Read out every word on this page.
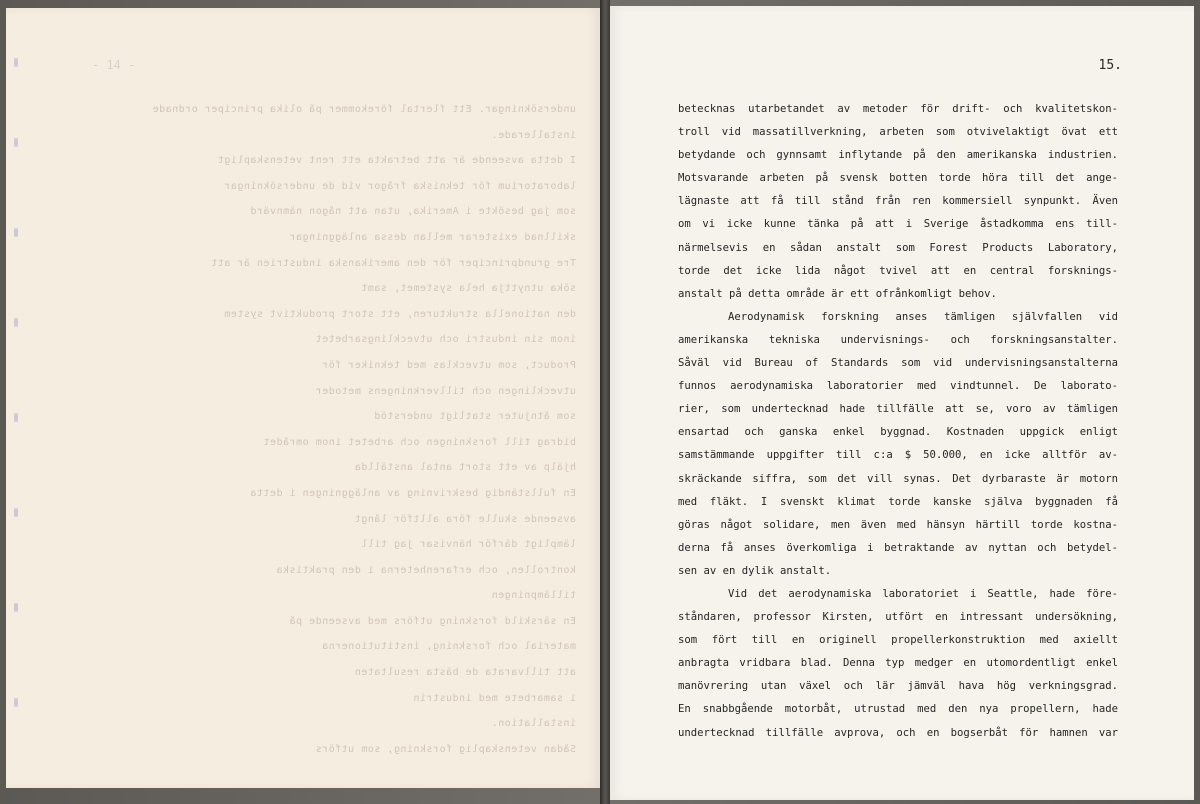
- 14 -
undersökningar. Ett flertal förekommer på olika principer ordnade
installerade.
I detta avseende är att betrakta ett rent vetenskapligt
laboratorium för tekniska frågor vid de undersökningar
som jag besökte i Amerika, utan att någon nämnvärd
skillnad existerar mellan dessa anläggningar
Tre grundprinciper för den amerikanska industrien är att
söka utnyttja hela systemet, samt
den nationella strukturen, ett stort produktivt system
inom sin industri och utvecklingsarbetet
Product, som utvecklas med tekniker för
utvecklingen och tillverkningens metoder
som åtnjuter statligt understöd
bidrag till forskningen och arbetet inom området
hjälp av ett stort antal anställda
En fullständig beskrivning av anläggningen i detta
avseende skulle föra alltför långt
lämpligt därför hänvisar jag till
kontrollen, och erfarenheterna i den praktiska
tillämpningen
En särskild forskning utförs med avseende på
material och forskning, institutionerna
att tillvarata de bästa resultaten
i samarbete med industrin
installation.
Sådan vetenskaplig forskning, som utförs
15.
betecknas utarbetandet av metoder för drift- och kvalitetskon-
troll vid massatillverkning, arbeten som otvivelaktigt övat ett
betydande och gynnsamt inflytande på den amerikanska industrien.
Motsvarande arbeten på svensk botten torde höra till det ange-
lägnaste att få till stånd från ren kommersiell synpunkt. Även
om vi icke kunne tänka på att i Sverige åstadkomma ens till-
närmelsevis en sådan anstalt som Forest Products Laboratory,
torde det icke lida något tvivel att en central forsknings-
anstalt på detta område är ett ofrånkomligt behov.
Aerodynamisk forskning anses tämligen självfallen vid
amerikanska tekniska undervisnings- och forskningsanstalter.
Såväl vid Bureau of Standards som vid undervisningsanstalterna
funnos aerodynamiska laboratorier med vindtunnel. De laborato-
rier, som undertecknad hade tillfälle att se, voro av tämligen
ensartad och ganska enkel byggnad. Kostnaden uppgick enligt
samstämmande uppgifter till c:a $ 50.000, en icke alltför av-
skräckande siffra, som det vill synas. Det dyrbaraste är motorn
med fläkt. I svenskt klimat torde kanske själva byggnaden få
göras något solidare, men även med hänsyn härtill torde kostna-
derna få anses överkomliga i betraktande av nyttan och betydel-
sen av en dylik anstalt.
Vid det aerodynamiska laboratoriet i Seattle, hade före-
ståndaren, professor Kirsten, utfört en intressant undersökning,
som fört till en originell propellerkonstruktion med axiellt
anbragta vridbara blad. Denna typ medger en utomordentligt enkel
manövrering utan växel och lär jämväl hava hög verkningsgrad.
En snabbgående motorbåt, utrustad med den nya propellern, hade
undertecknad tillfälle avprova, och en bogserbåt för hamnen var
